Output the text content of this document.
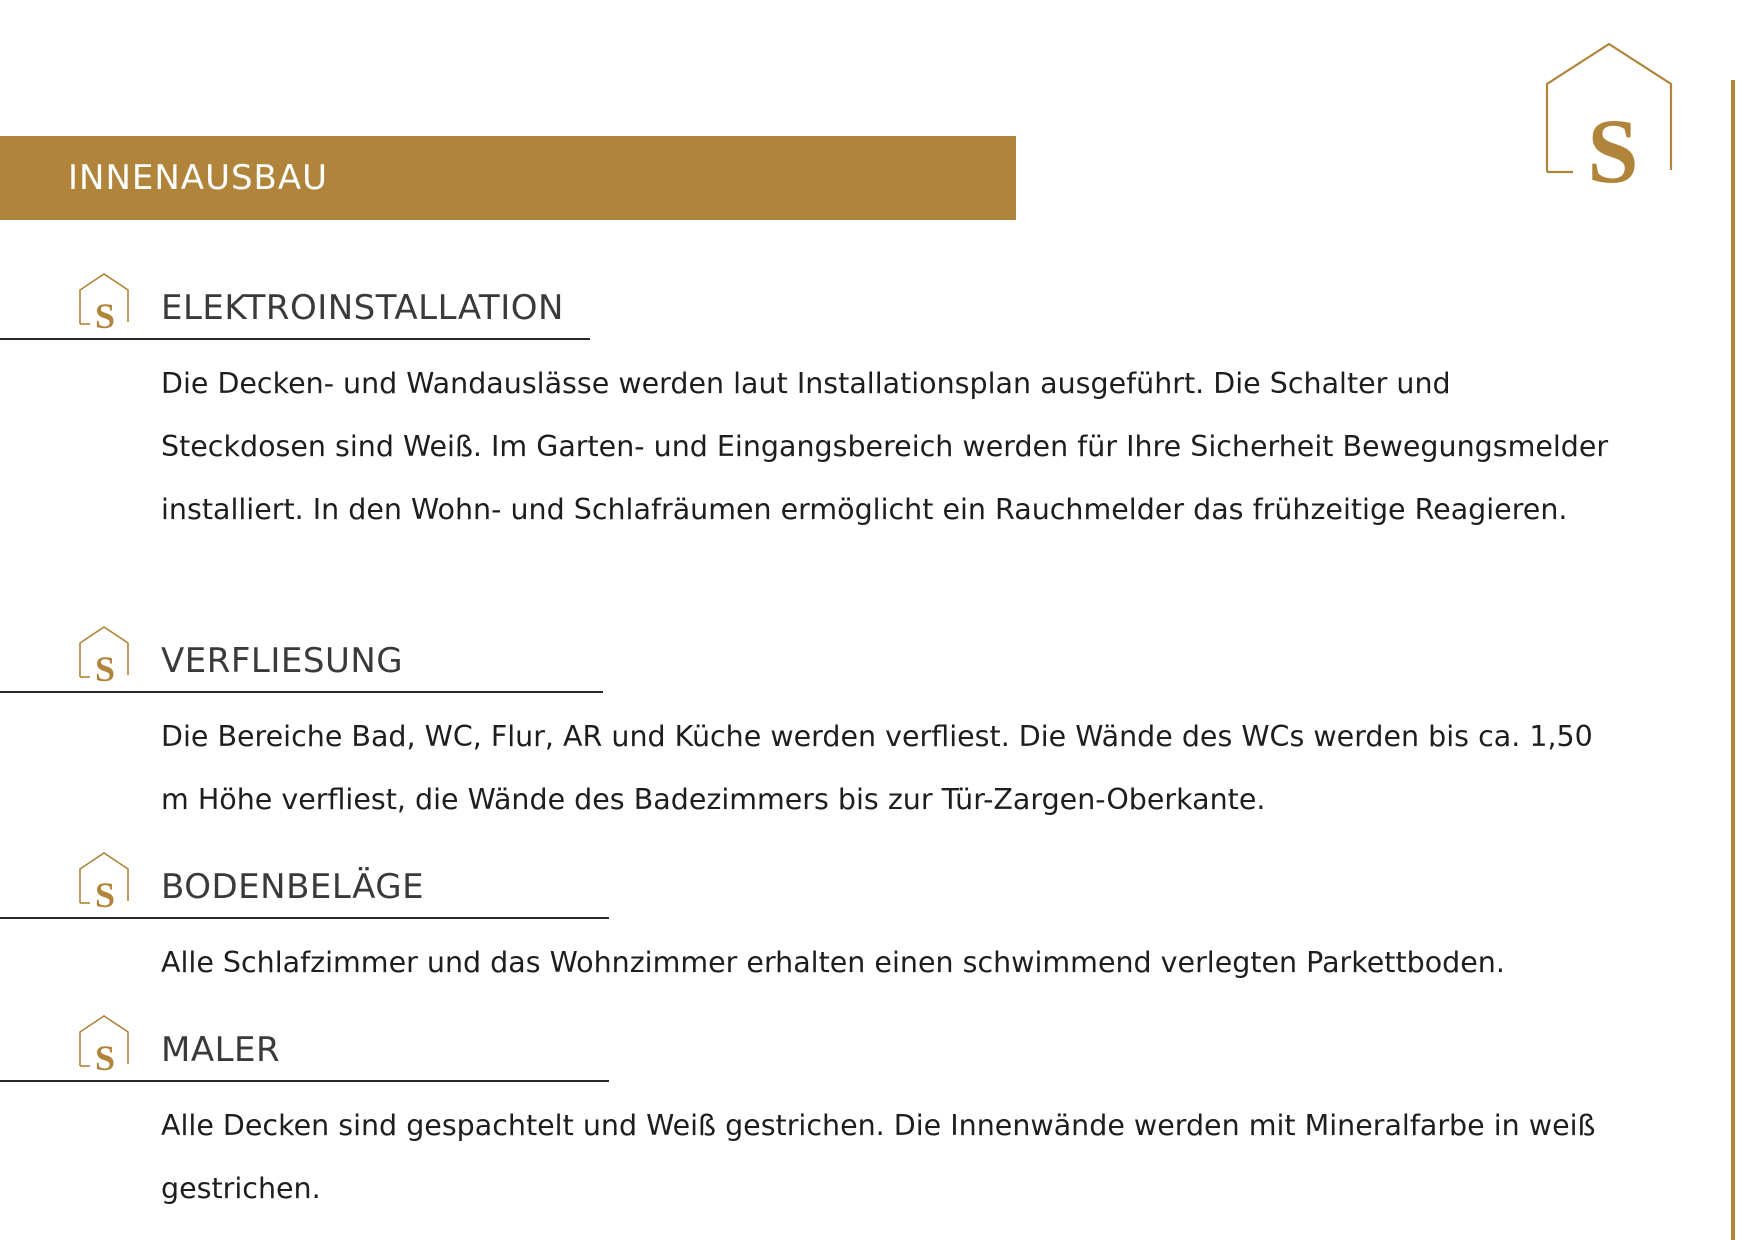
S
INNENAUSBAU
S ELEKTROINSTALLATION

Die Decken- und Wandauslässe werden laut Installationsplan ausgeführt. Die Schalter und Steckdosen sind Weiß. Im Garten- und Eingangsbereich werden für Ihre Sicherheit Bewegungsmelder installiert. In den Wohn- und Schlafräumen ermöglicht ein Rauchmelder das frühzeitige Reagieren.

S VERFLIESUNG

Die Bereiche Bad, WC, Flur, AR und Küche werden verfliest. Die Wände des WCs werden bis ca. 1,50 m Höhe verfliest, die Wände des Badezimmers bis zur Tür-Zargen-Oberkante.

S BODENBELÄGE

Alle Schlafzimmer und das Wohnzimmer erhalten einen schwimmend verlegten Parkettboden.

S MALER

Alle Decken sind gespachtelt und Weiß gestrichen. Die Innenwände werden mit Mineralfarbe in weiß gestrichen.
